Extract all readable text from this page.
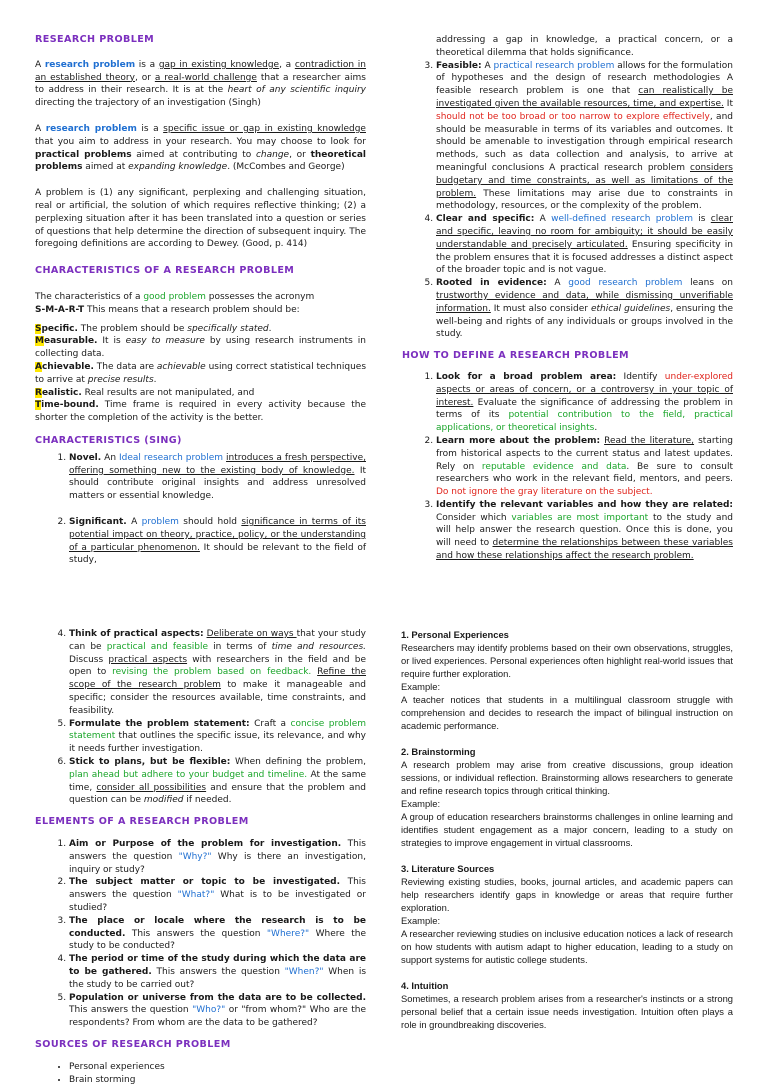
RESEARCH PROBLEM

A research problem is a gap in existing knowledge, a contradiction in an established theory, or a real-world challenge that a researcher aims to address in their research. It is at the heart of any scientific inquiry directing the trajectory of an investigation (Singh)

A research problem is a specific issue or gap in existing knowledge that you aim to address in your research. You may choose to look for practical problems aimed at contributing to change, or theoretical problems aimed at expanding knowledge. (McCombes and George)

A problem is (1) any significant, perplexing and challenging situation, real or artificial, the solution of which requires reflective thinking; (2) a perplexing situation after it has been translated into a question or series of questions that help determine the direction of subsequent inquiry. The foregoing definitions are according to Dewey. (Good, p. 414)

CHARACTERISTICS OF A RESEARCH PROBLEM

The characteristics of a good problem possesses the acronym
S-M-A-R-T This means that a research problem should be:

Specific. The problem should be specifically stated.
Measurable. It is easy to measure by using research instruments in collecting data.
Achievable. The data are achievable using correct statistical techniques to arrive at precise results.
Realistic. Real results are not manipulated, and
Time-bound. Time frame is required in every activity because the shorter the completion of the activity is the better.
CHARACTERISTICS (SING)
1. Novel. An Ideal research problem introduces a fresh perspective, offering something new to the existing body of knowledge. It should contribute original insights and address unresolved matters or essential knowledge.
2. Significant. A problem should hold significance in terms of its potential impact on theory, practice, policy, or the understanding of a particular phenomenon. It should be relevant to the field of study,

addressing a gap in knowledge, a practical concern, or a theoretical dilemma that holds significance.

3. Feasible: A practical research problem allows for the formulation of hypotheses and the design of research methodologies A feasible research problem is one that can realistically be investigated given the available resources, time, and expertise. It should not be too broad or too narrow to explore effectively, and should be measurable in terms of its variables and outcomes. It should be amenable to investigation through empirical research methods, such as data collection and analysis, to arrive at meaningful conclusions A practical research problem considers budgetary and time constraints, as well as limitations of the problem. These limitations may arise due to constraints in methodology, resources, or the complexity of the problem.
4. Clear and specific: A well-defined research problem is clear and specific, leaving no room for ambiguity; it should be easily understandable and precisely articulated. Ensuring specificity in the problem ensures that it is focused addresses a distinct aspect of the broader topic and is not vague.
5. Rooted in evidence: A good research problem leans on trustworthy evidence and data, while dismissing unverifiable information. It must also consider ethical guidelines, ensuring the well-being and rights of any individuals or groups involved in the study.
HOW TO DEFINE A RESEARCH PROBLEM
1. Look for a broad problem area: Identify under-explored aspects or areas of concern, or a controversy in your topic of interest. Evaluate the significance of addressing the problem in terms of its potential contribution to the field, practical applications, or theoretical insights.
2. Learn more about the problem: Read the literature, starting from historical aspects to the current status and latest updates. Rely on reputable evidence and data. Be sure to consult researchers who work in the relevant field, mentors, and peers. Do not ignore the gray literature on the subject.
3. Identify the relevant variables and how they are related: Consider which variables are most important to the study and will help answer the research question. Once this is done, you will need to determine the relationships between these variables and how these relationships affect the research problem.
4. Think of practical aspects: Deliberate on ways that your study can be practical and feasible in terms of time and resources. Discuss practical aspects with researchers in the field and be open to revising the problem based on feedback. Refine the scope of the research problem to make it manageable and specific; consider the resources available, time constraints, and feasibility.
5. Formulate the problem statement: Craft a concise problem statement that outlines the specific issue, its relevance, and why it needs further investigation.
6. Stick to plans, but be flexible: When defining the problem, plan ahead but adhere to your budget and timeline. At the same time, consider all possibilities and ensure that the problem and question can be modified if needed.
ELEMENTS OF A RESEARCH PROBLEM
1. Aim or Purpose of the problem for investigation. This answers the question "Why?" Why is there an investigation, inquiry or study?
2. The subject matter or topic to be investigated. This answers the question "What?" What is to be investigated or studied?
3. The place or locale where the research is to be conducted. This answers the question "Where?" Where the study to be conducted?
4. The period or time of the study during which the data are to be gathered. This answers the question "When?" When is the study to be carried out?
5. Population or universe from the data are to be collected. This answers the question "Who?" or "from whom?" Who are the respondents? From whom are the data to be gathered?
SOURCES OF RESEARCH PROBLEM
• Personal experiences
• Brain storming
1. Personal Experiences

Researchers may identify problems based on their own observations, struggles, or lived experiences. Personal experiences often highlight real-world issues that require further exploration.

Example:

A teacher notices that students in a multilingual classroom struggle with comprehension and decides to research the impact of bilingual instruction on academic performance.

2. Brainstorming

A research problem may arise from creative discussions, group ideation sessions, or individual reflection. Brainstorming allows researchers to generate and refine research topics through critical thinking.

Example:

A group of education researchers brainstorms challenges in online learning and identifies student engagement as a major concern, leading to a study on strategies to improve engagement in virtual classrooms.

3. Literature Sources

Reviewing existing studies, books, journal articles, and academic papers can help researchers identify gaps in knowledge or areas that require further exploration.

Example:

A researcher reviewing studies on inclusive education notices a lack of research on how students with autism adapt to higher education, leading to a study on support systems for autistic college students.

4. Intuition

Sometimes, a research problem arises from a researcher's instincts or a strong personal belief that a certain issue needs investigation. Intuition often plays a role in groundbreaking discoveries.
